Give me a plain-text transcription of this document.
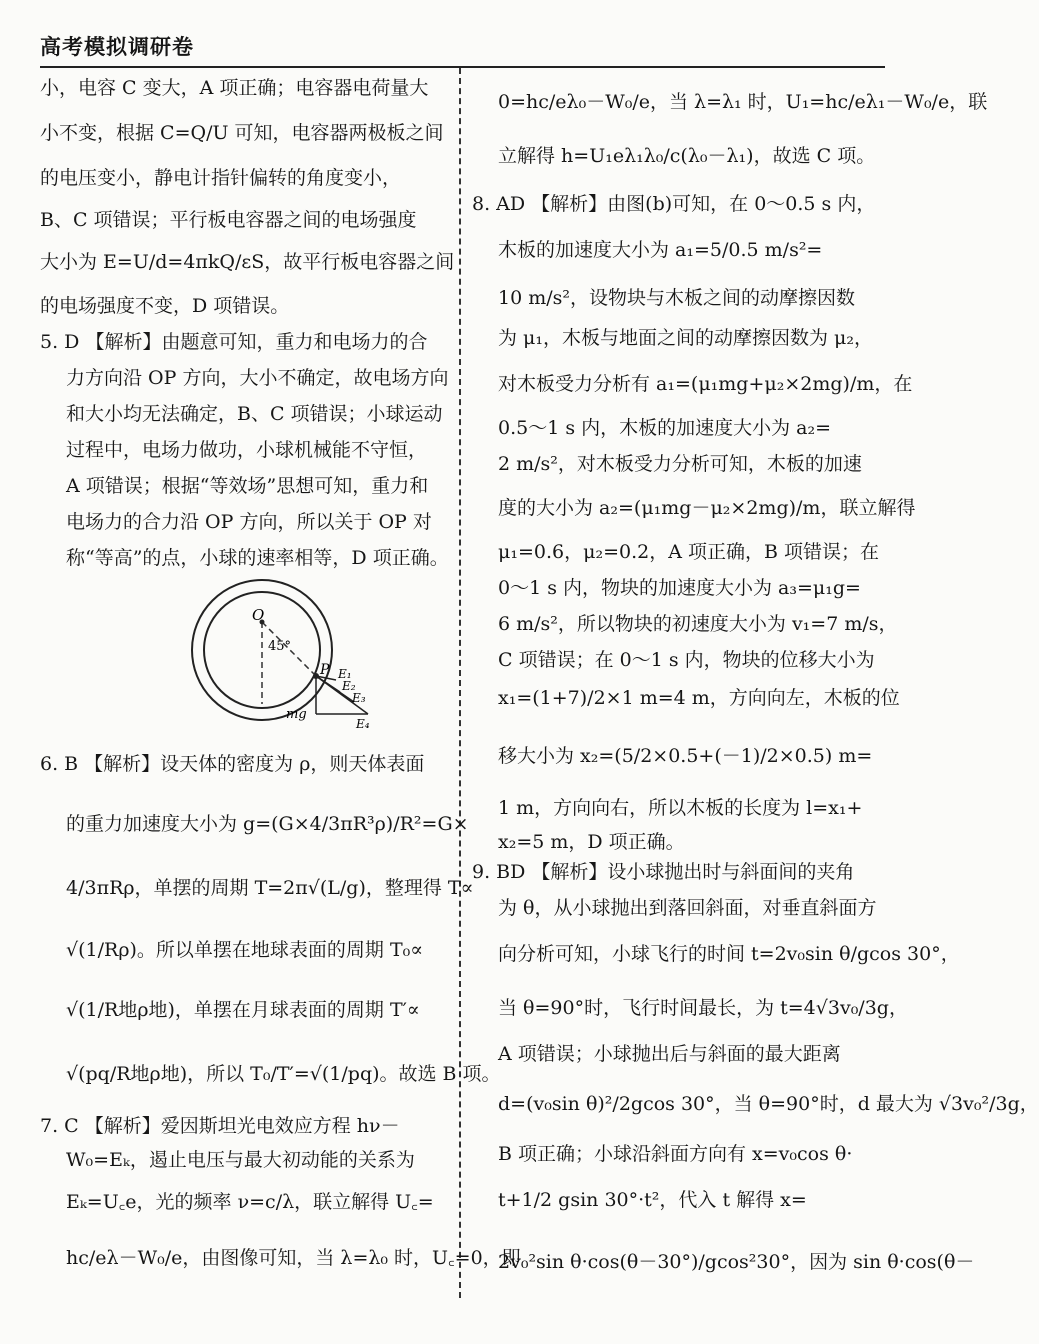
高考模拟调研卷
小，电容 C 变大，A 项正确；电容器电荷量大
小不变，根据 C=Q/U 可知，电容器两极板之间
的电压变小，静电计指针偏转的角度变小，
B、C 项错误；平行板电容器之间的电场强度
大小为 E=U/d=4πkQ/εS，故平行板电容器之间
的电场强度不变，D 项错误。
5. D 【解析】由题意可知，重力和电场力的合
力方向沿 OP 方向，大小不确定，故电场方向
和大小均无法确定，B、C 项错误；小球运动
过程中，电场力做功，小球机械能不守恒，
A 项错误；根据“等效场”思想可知，重力和
电场力的合力沿 OP 方向，所以关于 OP 对
称“等高”的点，小球的速率相等，D 项正确。
6. B 【解析】设天体的密度为 ρ，则天体表面
的重力加速度大小为 g=(G×4/3πR³ρ)/R²=G×
4/3πRρ，单摆的周期 T=2π√(L/g)，整理得 T∝
√(1/Rρ)。所以单摆在地球表面的周期 T₀∝
√(1/R地ρ地)，单摆在月球表面的周期 T′∝
√(pq/R地ρ地)，所以 T₀/T′=√(1/pq)。故选 B 项。
7. C 【解析】爱因斯坦光电效应方程 hν－
W₀=Eₖ，遏止电压与最大初动能的关系为
Eₖ=U꜀e，光的频率 ν=c/λ，联立解得 U꜀=
hc/eλ－W₀/e，由图像可知，当 λ=λ₀ 时，U꜀=0，即
O
45°
P
mg
E₁
E₂
E₃
E₄
0=hc/eλ₀－W₀/e，当 λ=λ₁ 时，U₁=hc/eλ₁－W₀/e，联
立解得 h=U₁eλ₁λ₀/c(λ₀－λ₁)，故选 C 项。
8. AD 【解析】由图(b)可知，在 0～0.5 s 内，
木板的加速度大小为 a₁=5/0.5 m/s²=
10 m/s²，设物块与木板之间的动摩擦因数
为 μ₁，木板与地面之间的动摩擦因数为 μ₂，
对木板受力分析有 a₁=(μ₁mg+μ₂×2mg)/m，在
0.5～1 s 内，木板的加速度大小为 a₂=
2 m/s²，对木板受力分析可知，木板的加速
度的大小为 a₂=(μ₁mg－μ₂×2mg)/m，联立解得
μ₁=0.6，μ₂=0.2，A 项正确，B 项错误；在
0～1 s 内，物块的加速度大小为 a₃=μ₁g=
6 m/s²，所以物块的初速度大小为 v₁=7 m/s，
C 项错误；在 0～1 s 内，物块的位移大小为
x₁=(1+7)/2×1 m=4 m，方向向左，木板的位
移大小为 x₂=(5/2×0.5+(－1)/2×0.5) m=
1 m，方向向右，所以木板的长度为 l=x₁+
x₂=5 m，D 项正确。
9. BD 【解析】设小球抛出时与斜面间的夹角
为 θ，从小球抛出到落回斜面，对垂直斜面方
向分析可知，小球飞行的时间 t=2v₀sin θ/gcos 30°，
当 θ=90°时，飞行时间最长，为 t=4√3v₀/3g，
A 项错误；小球抛出后与斜面的最大距离
d=(v₀sin θ)²/2gcos 30°，当 θ=90°时，d 最大为 √3v₀²/3g，
B 项正确；小球沿斜面方向有 x=v₀cos θ·
t+1/2 gsin 30°·t²，代入 t 解得 x=
2v₀²sin θ·cos(θ－30°)/gcos²30°，因为 sin θ·cos(θ－
